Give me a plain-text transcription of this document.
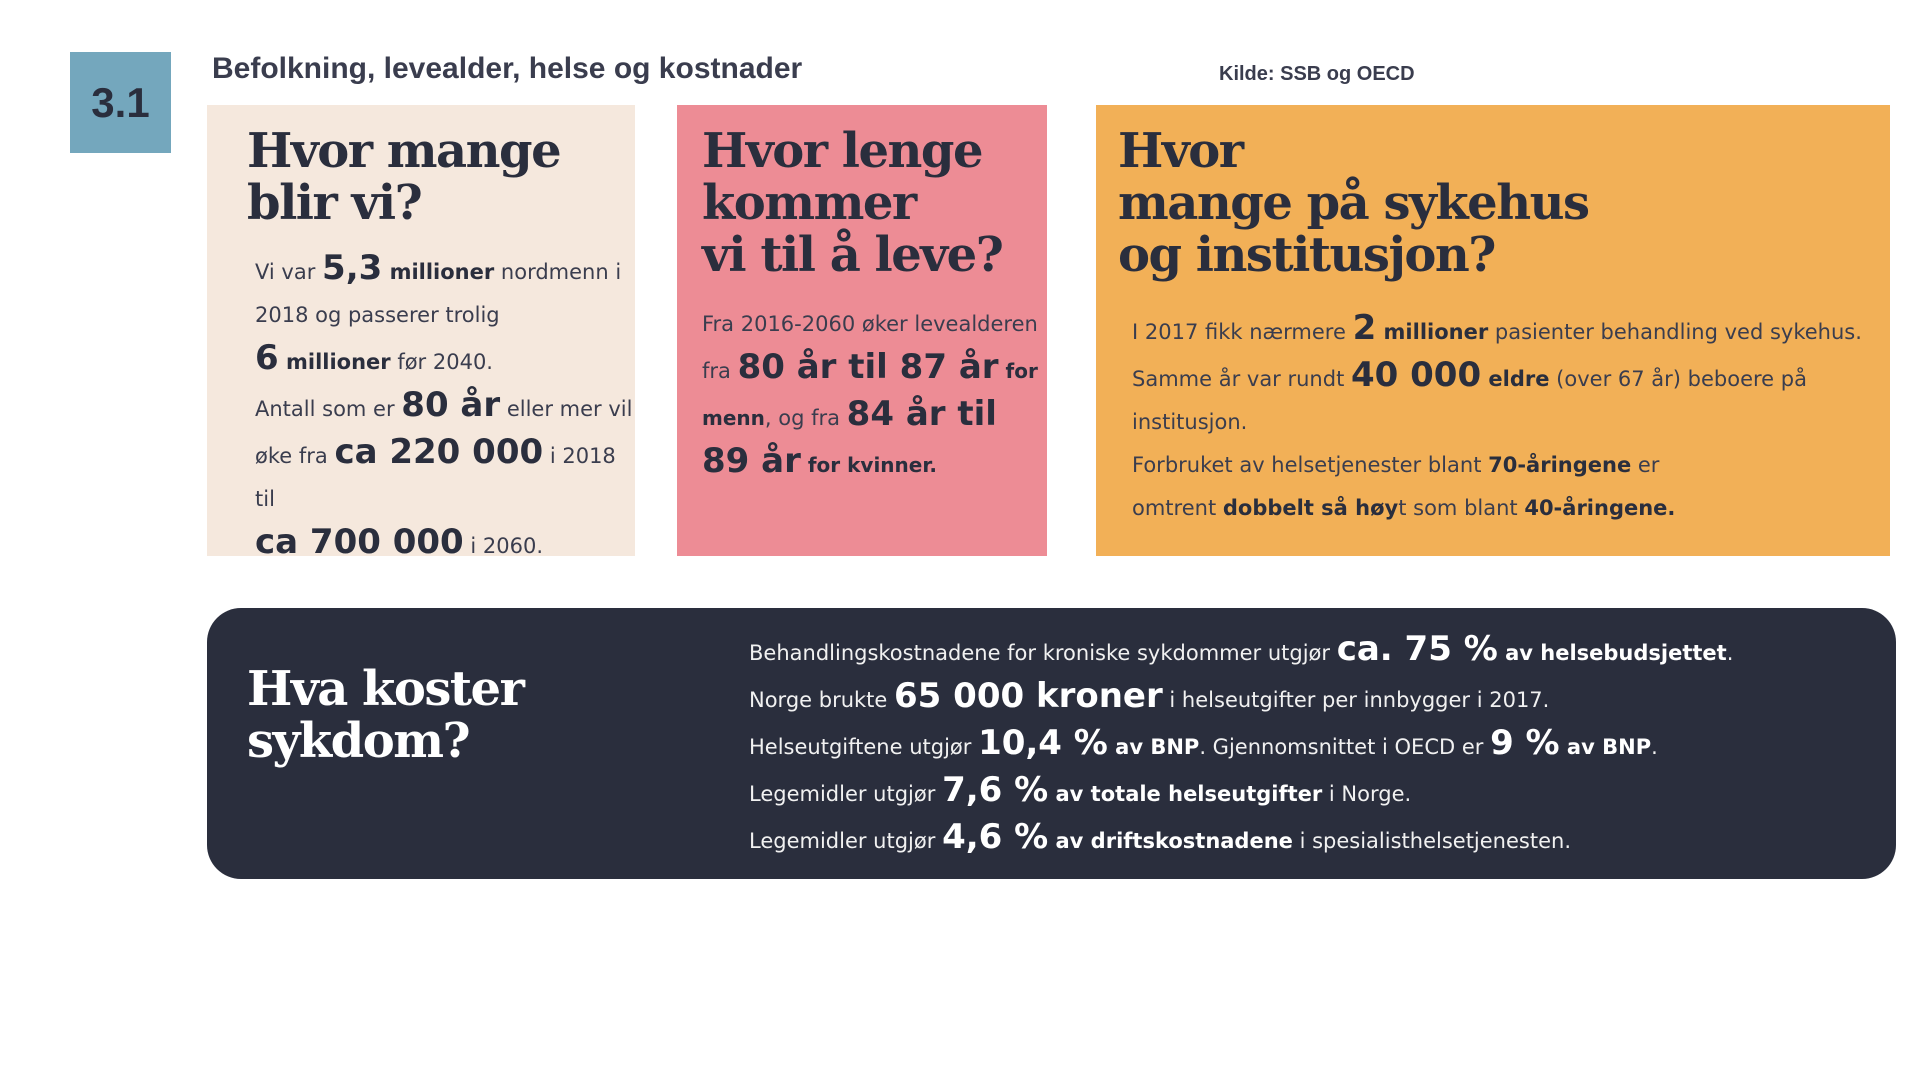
3.1
Befolkning, levealder, helse og kostnader	Kilde: SSB og OECD
Hvor mange
blir vi?

Vi var 5,3 millioner nordmenn i

2018 og passerer trolig

6 millioner før 2040.

Antall som er 80 år eller mer vil

øke fra ca 220 000 i 2018 til

ca 700 000 i 2060.

Hvor lenge
kommer
vi til å leve?

Fra 2016-2060 øker levealderen

fra 80 år til 87 år for

menn, og fra 84 år til

89 år for kvinner.

Hvor
mange på sykehus
og institusjon?

I 2017 fikk nærmere 2 millioner pasienter behandling ved sykehus.

Samme år var rundt 40 000 eldre (over 67 år) beboere på institusjon.

Forbruket av helsetjenester blant 70-åringene er

omtrent dobbelt så høyt som blant 40-åringene.

Hva koster
sykdom?

Behandlingskostnadene for kroniske sykdommer utgjør ca. 75 % av helsebudsjettet.

Norge brukte 65 000 kroner i helseutgifter per innbygger i 2017.

Helseutgiftene utgjør 10,4 % av BNP. Gjennomsnittet i OECD er 9 % av BNP.

Legemidler utgjør 7,6 % av totale helseutgifter i Norge.

Legemidler utgjør 4,6 % av driftskostnadene i spesialisthelsetjenesten.
